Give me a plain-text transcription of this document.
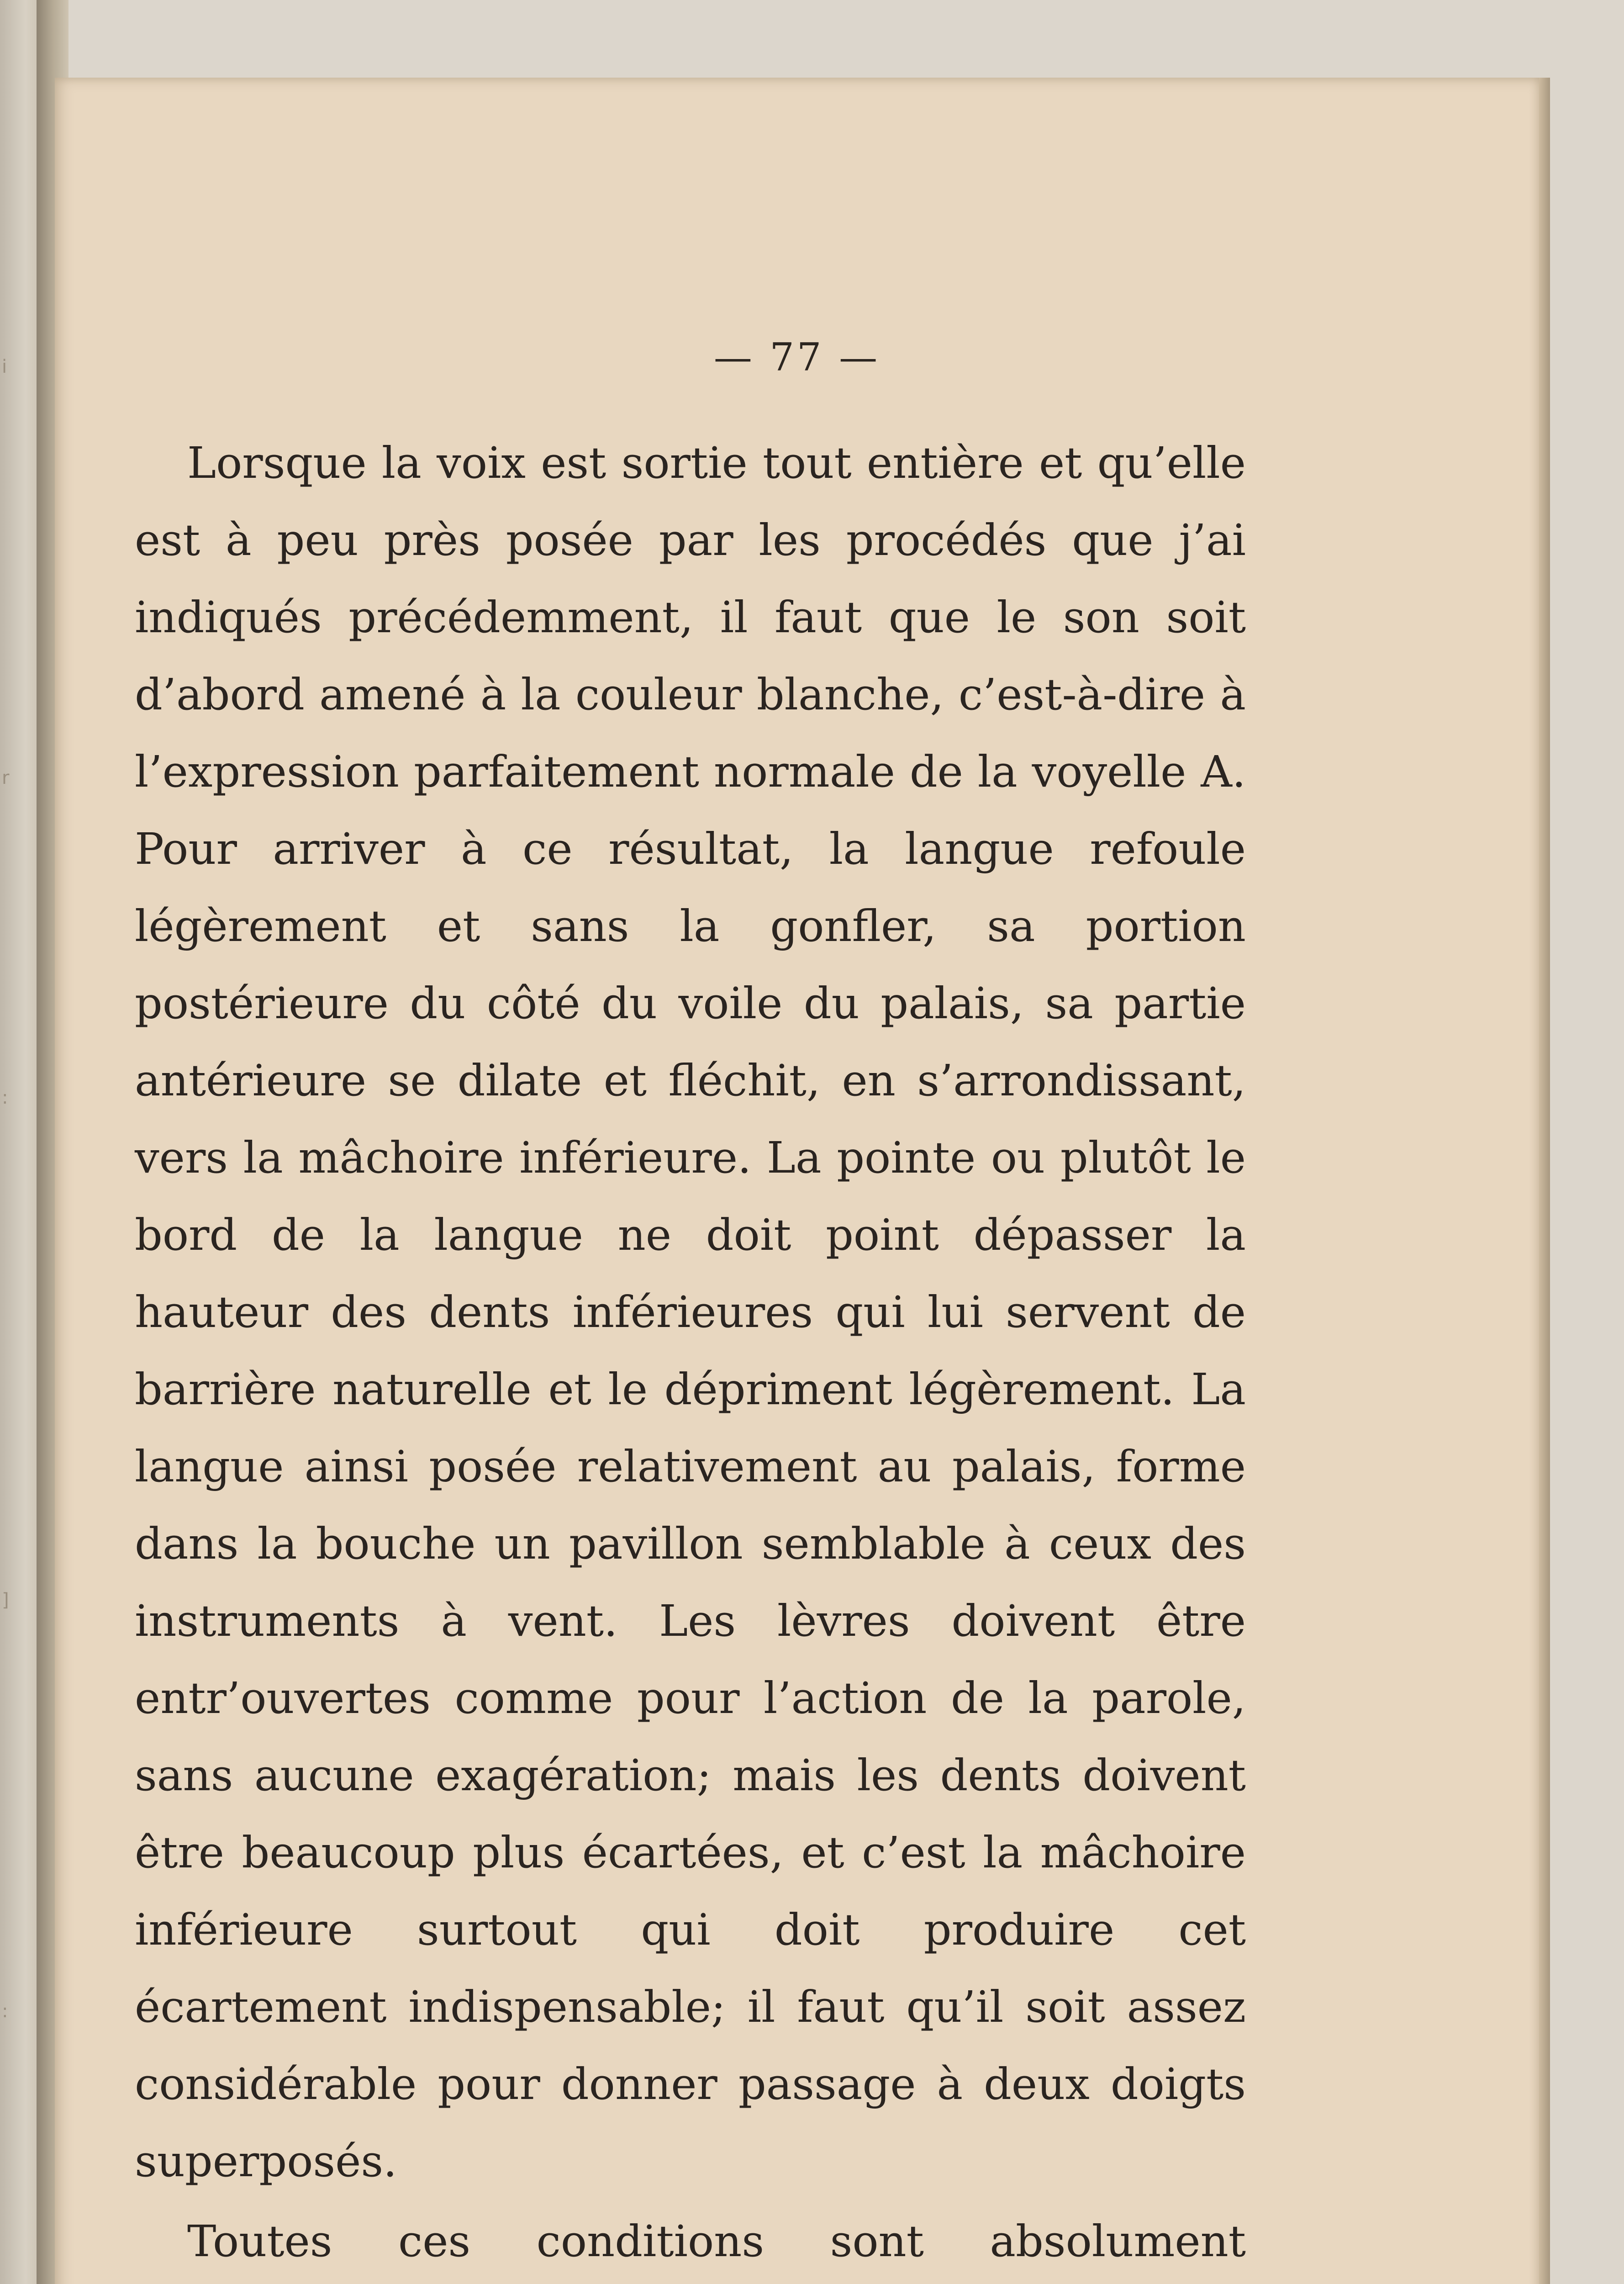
i
r
:
]
:
— 77 —

Lorsque la voix est sortie tout entière et qu’elle est à peu près posée par les procédés que j’ai indiqués précédemment, il faut que le son soit d’abord amené à la couleur blanche, c’est-à-dire à l’expression parfaitement normale de la voyelle A. Pour arriver à ce résultat, la langue refoule légèrement et sans la gonfler, sa portion postérieure du côté du voile du palais, sa partie antérieure se dilate et fléchit, en s’arrondissant, vers la mâchoire inférieure. La pointe ou plutôt le bord de la langue ne doit point dépasser la hauteur des dents inférieures qui lui servent de barrière naturelle et le dépriment légèrement. La langue ainsi posée relativement au palais, forme dans la bouche un pavillon semblable à ceux des instruments à vent. Les lèvres doivent être entr’ouvertes comme pour l’action de la parole, sans aucune exagération; mais les dents doivent être beaucoup plus écartées, et c’est la mâchoire inférieure surtout qui doit produire cet écartement indispensable; il faut qu’il soit assez considérable pour donner passage à deux doigts superposés.

Toutes ces conditions sont absolument
